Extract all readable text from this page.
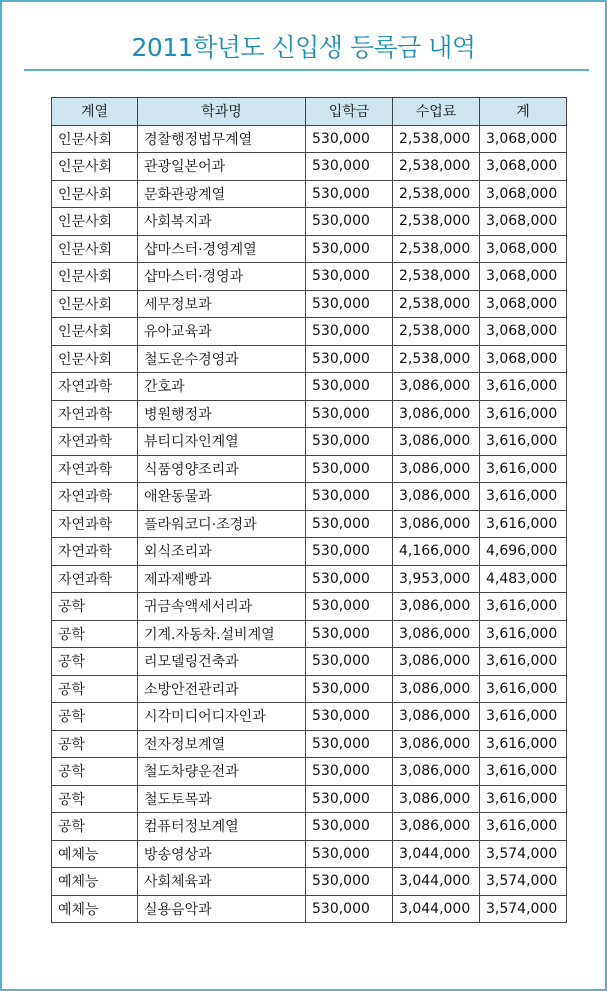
2011학년도 신입생 등록금 내역
계열	학과명	입학금	수업료	계
인문사회	경찰행정법무계열	530,000	2,538,000	3,068,000
인문사회	관광일본어과	530,000	2,538,000	3,068,000
인문사회	문화관광계열	530,000	2,538,000	3,068,000
인문사회	사회복지과	530,000	2,538,000	3,068,000
인문사회	샵마스터·경영계열	530,000	2,538,000	3,068,000
인문사회	샵마스터·경영과	530,000	2,538,000	3,068,000
인문사회	세무정보과	530,000	2,538,000	3,068,000
인문사회	유아교육과	530,000	2,538,000	3,068,000
인문사회	철도운수경영과	530,000	2,538,000	3,068,000
자연과학	간호과	530,000	3,086,000	3,616,000
자연과학	병원행정과	530,000	3,086,000	3,616,000
자연과학	뷰티디자인계열	530,000	3,086,000	3,616,000
자연과학	식품영양조리과	530,000	3,086,000	3,616,000
자연과학	애완동물과	530,000	3,086,000	3,616,000
자연과학	플라워코디·조경과	530,000	3,086,000	3,616,000
자연과학	외식조리과	530,000	4,166,000	4,696,000
자연과학	제과제빵과	530,000	3,953,000	4,483,000
공학	귀금속액세서리과	530,000	3,086,000	3,616,000
공학	기계.자동차.설비계열	530,000	3,086,000	3,616,000
공학	리모델링건축과	530,000	3,086,000	3,616,000
공학	소방안전관리과	530,000	3,086,000	3,616,000
공학	시각미디어디자인과	530,000	3,086,000	3,616,000
공학	전자정보계열	530,000	3,086,000	3,616,000
공학	철도차량운전과	530,000	3,086,000	3,616,000
공학	철도토목과	530,000	3,086,000	3,616,000
공학	컴퓨터정보계열	530,000	3,086,000	3,616,000
예체능	방송영상과	530,000	3,044,000	3,574,000
예체능	사회체육과	530,000	3,044,000	3,574,000
예체능	실용음악과	530,000	3,044,000	3,574,000
